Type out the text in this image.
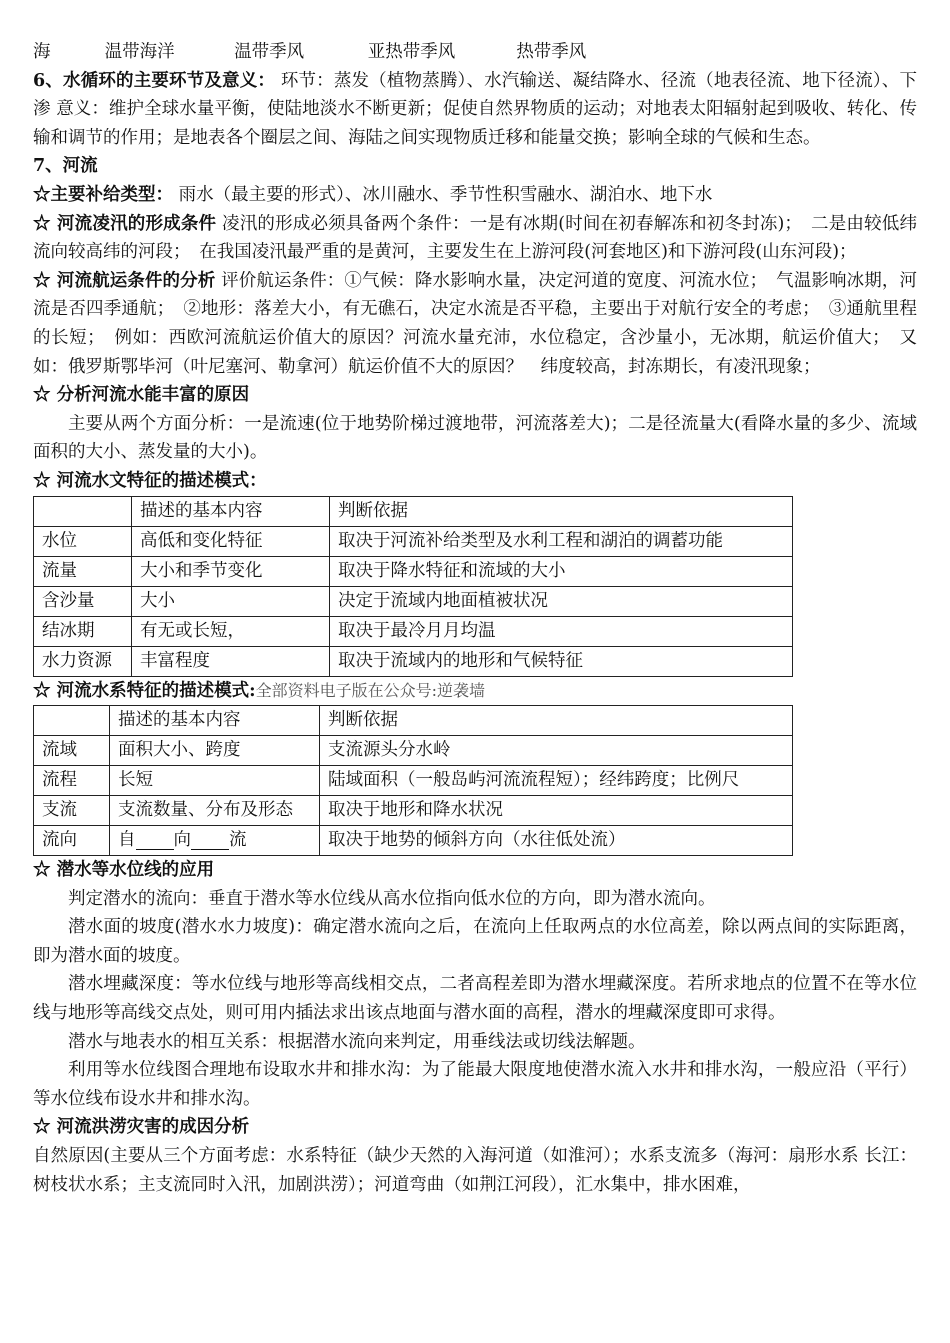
海	温带海洋	温带季风	亚热带季风	热带季风
6、水循环的主要环节及意义： 环节：蒸发（植物蒸腾）、水汽输送、凝结降水、径流（地表径流、地下径流）、下渗 意义：维护全球水量平衡，使陆地淡水不断更新；促使自然界物质的运动；对地表太阳辐射起到吸收、转化、传输和调节的作用；是地表各个圈层之间、海陆之间实现物质迁移和能量交换；影响全球的气候和生态。
7、河流
☆主要补给类型： 雨水（最主要的形式）、冰川融水、季节性积雪融水、湖泊水、地下水
☆ 河流凌汛的形成条件 凌汛的形成必须具备两个条件：一是有冰期(时间在初春解冻和初冬封冻)；　二是由较低纬流向较高纬的河段；　在我国凌汛最严重的是黄河，主要发生在上游河段(河套地区)和下游河段(山东河段)；
☆ 河流航运条件的分析 评价航运条件：①气候：降水影响水量，决定河道的宽度、河流水位；　气温影响冰期，河流是否四季通航；　②地形：落差大小，有无礁石，决定水流是否平稳，主要出于对航行安全的考虑；　③通航里程的长短；　例如：西欧河流航运价值大的原因？河流水量充沛，水位稳定，含沙量小，无冰期，航运价值大；　又如：俄罗斯鄂毕河（叶尼塞河、勒拿河）航运价值不大的原因？　纬度较高，封冻期长，有凌汛现象；
☆ 分析河流水能丰富的原因
主要从两个方面分析：一是流速(位于地势阶梯过渡地带，河流落差大)；二是径流量大(看降水量的多少、流域面积的大小、蒸发量的大小)。
☆ 河流水文特征的描述模式：
	描述的基本内容	判断依据
水位	高低和变化特征	取决于河流补给类型及水利工程和湖泊的调蓄功能
流量	大小和季节变化	取决于降水特征和流域的大小
含沙量	大小	决定于流域内地面植被状况
结冰期	有无或长短，	取决于最冷月月均温
水力资源	丰富程度	取决于流域内的地形和气候特征
☆ 河流水系特征的描述模式:全部资料电子版在公众号:逆袭墙
	描述的基本内容	判断依据
流域	面积大小、跨度	支流源头分水岭
流程	长短	陆域面积（一般岛屿河流流程短）；经纬跨度；比例尺
支流	支流数量、分布及形态	取决于地形和降水状况
流向	自 向 流	取决于地势的倾斜方向（水往低处流）
☆ 潜水等水位线的应用
判定潜水的流向：垂直于潜水等水位线从高水位指向低水位的方向，即为潜水流向。
潜水面的坡度(潜水水力坡度)：确定潜水流向之后，在流向上任取两点的水位高差，除以两点间的实际距离，即为潜水面的坡度。
潜水埋藏深度：等水位线与地形等高线相交点，二者高程差即为潜水埋藏深度。若所求地点的位置不在等水位线与地形等高线交点处，则可用内插法求出该点地面与潜水面的高程，潜水的埋藏深度即可求得。
潜水与地表水的相互关系：根据潜水流向来判定，用垂线法或切线法解题。
利用等水位线图合理地布设取水井和排水沟：为了能最大限度地使潜水流入水井和排水沟，一般应沿（平行）等水位线布设水井和排水沟。
☆ 河流洪涝灾害的成因分析
自然原因(主要从三个方面考虑：水系特征（缺少天然的入海河道（如淮河）；水系支流多（海河：扇形水系 长江：树枝状水系；主支流同时入汛，加剧洪涝）；河道弯曲（如荆江河段），汇水集中，排水困难，
